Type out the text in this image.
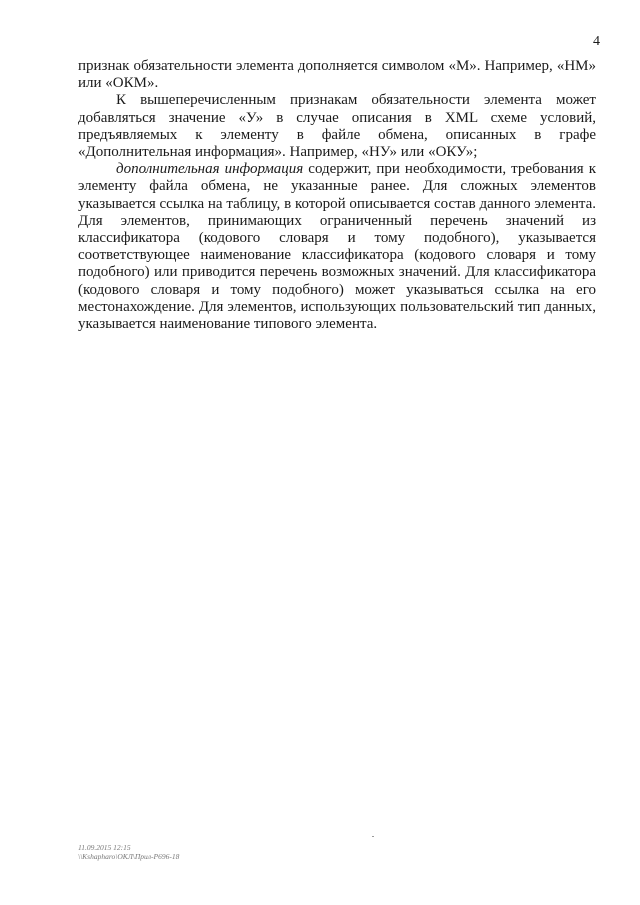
4

признак обязательности элемента дополняется символом «М». Например, «НМ» или «ОКМ».

К вышеперечисленным признакам обязательности элемента может добавляться значение «У» в случае описания в XML схеме условий, предъявляемых к элементу в файле обмена, описанных в графе «Дополнительная информация». Например, «НУ» или «ОКУ»;

дополнительная информация содержит, при необходимости, требования к элементу файла обмена, не указанные ранее. Для сложных элементов указывается ссылка на таблицу, в которой описывается состав данного элемента. Для элементов, принимающих ограниченный перечень значений из классификатора (кодового словаря и тому подобного), указывается соответствующее наименование классификатора (кодового словаря и тому подобного) или приводится перечень возможных значений. Для классификатора (кодового словаря и тому подобного) может указываться ссылка на его местонахождение. Для элементов, использующих пользовательский тип данных, указывается наименование типового элемента.

11.09.2015 12:15
\\Kshapharo\ОКЛ\Прил-Р696-18
